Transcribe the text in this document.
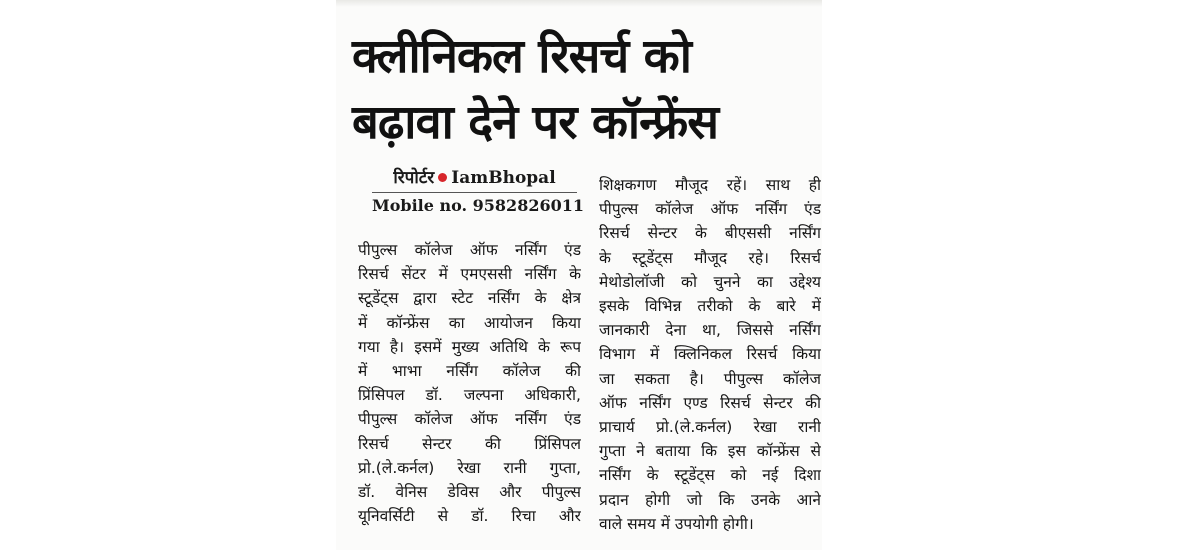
क्लीनिकल रिसर्च को
बढ़ावा देने पर कॉन्फ्रेंस
रिपोर्टर IamBhopal
Mobile no. 9582826011
पीपुल्स कॉलेज ऑफ नर्सिंग एंड
रिसर्च सेंटर में एमएससी नर्सिंग के
स्टूडेंट्स द्वारा स्टेट नर्सिंग के क्षेत्र
में कॉन्फ्रेंस का आयोजन किया
गया है। इसमें मुख्य अतिथि के रूप
में भाभा नर्सिंग कॉलेज की
प्रिंसिपल डॉ. जल्पना अधिकारी,
पीपुल्स कॉलेज ऑफ नर्सिंग एंड
रिसर्च सेन्टर की प्रिंसिपल
प्रो.(ले.कर्नल) रेखा रानी गुप्ता,
डॉ. वेनिस डेविस और पीपुल्स
यूनिवर्सिटी से डॉ. रिचा और
शिक्षकगण मौजूद रहें। साथ ही
पीपुल्स कॉलेज ऑफ नर्सिंग एंड
रिसर्च सेन्टर के बीएससी नर्सिंग
के स्टूडेंट्स मौजूद रहे। रिसर्च
मेथोडोलॉजी को चुनने का उद्देश्य
इसके विभिन्न तरीको के बारे में
जानकारी देना था, जिससे नर्सिंग
विभाग में क्लिनिकल रिसर्च किया
जा सकता है। पीपुल्स कॉलेज
ऑफ नर्सिंग एण्ड रिसर्च सेन्टर की
प्राचार्य प्रो.(ले.कर्नल) रेखा रानी
गुप्ता ने बताया कि इस कॉन्फ्रेंस से
नर्सिंग के स्टूडेंट्स को नई दिशा
प्रदान होगी जो कि उनके आने
वाले समय में उपयोगी होगी।
